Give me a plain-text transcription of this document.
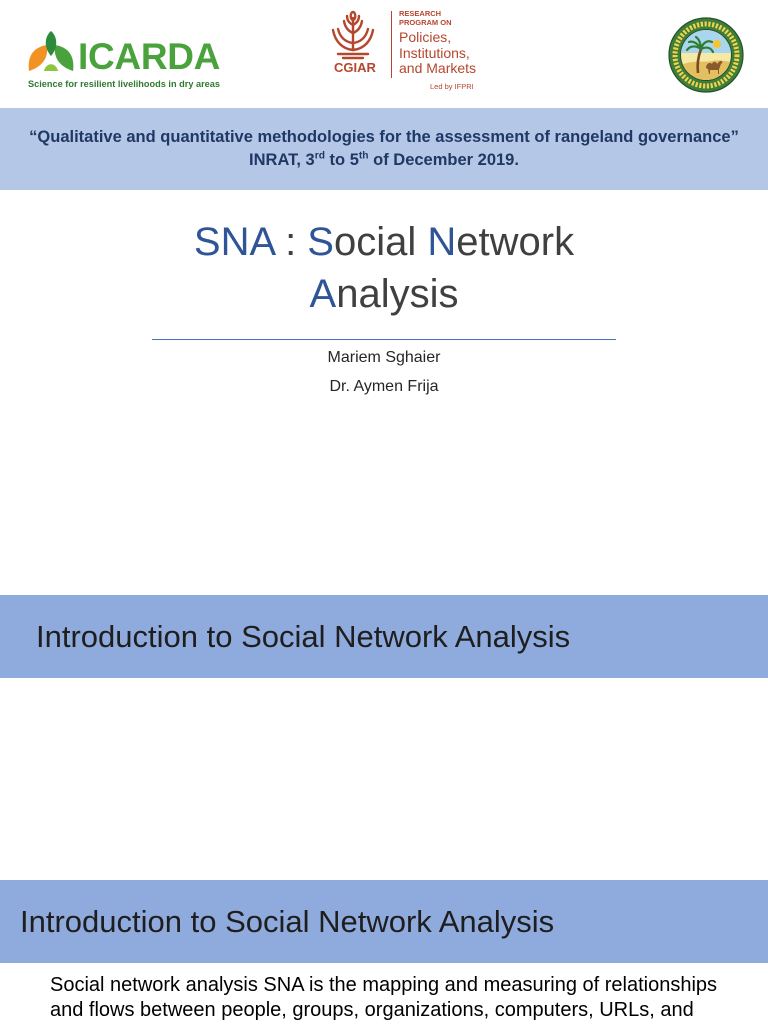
ICARDA
Science for resilient livelihoods in dry areas
CGIAR
RESEARCH
PROGRAM ON
Policies,
Institutions,
and Markets
Led by IFPRI
“Qualitative and quantitative methodologies for the assessment of rangeland governance”
INRAT, 3rd to 5th of December 2019.
SNA : Social Network
Analysis
Mariem Sghaier
Dr. Aymen Frija
Introduction to Social Network Analysis
Introduction to Social Network Analysis
Social network analysis SNA is the mapping and measuring of relationships
and flows between people, groups, organizations, computers, URLs, and
